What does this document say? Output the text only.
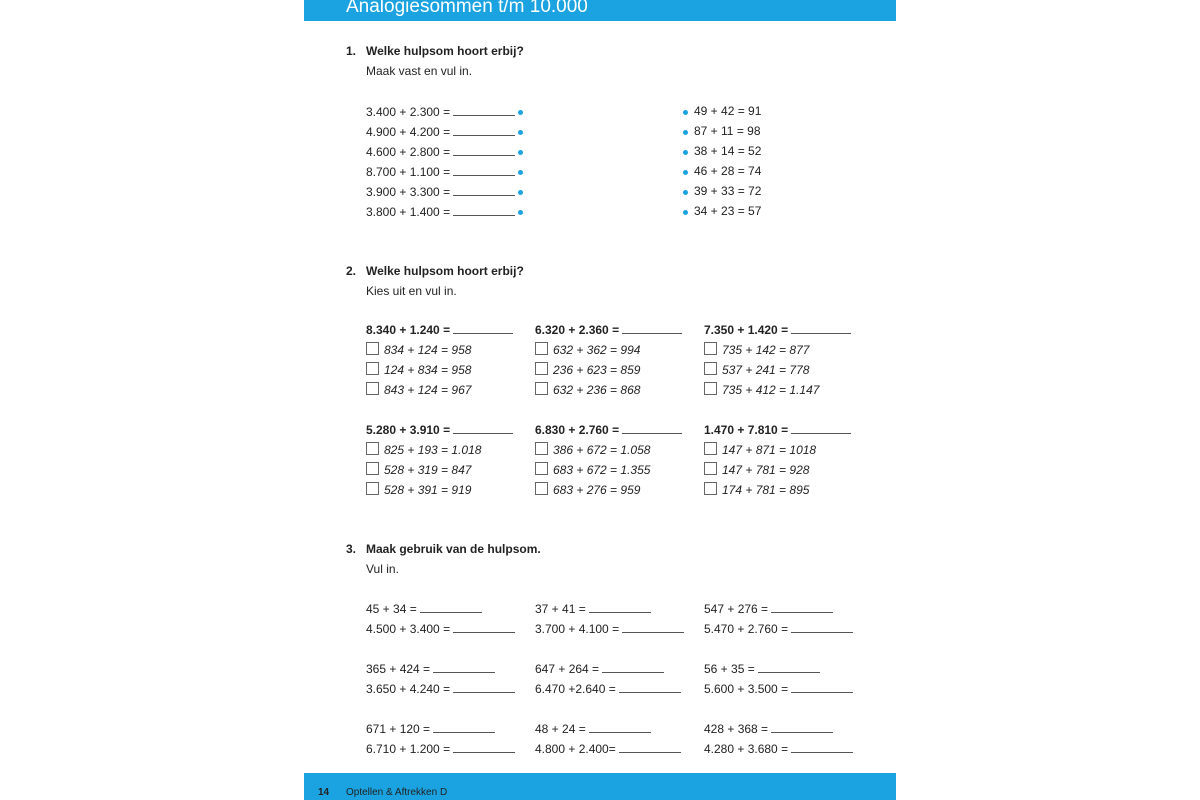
Analogiesommen t/m 10.000
1. Welke hulpsom hoort erbij?
Maak vast en vul in.
3.400 + 2.300 =
4.900 + 4.200 =
4.600 + 2.800 =
8.700 + 1.100 =
3.900 + 3.300 =
3.800 + 1.400 =
49 + 42 = 91
87 + 11 = 98
38 + 14 = 52
46 + 28 = 74
39 + 33 = 72
34 + 23 = 57
2. Welke hulpsom hoort erbij?
Kies uit en vul in.
8.340 + 1.240 =
834 + 124 = 958
124 + 834 = 958
843 + 124 = 967
6.320 + 2.360 =
632 + 362 = 994
236 + 623 = 859
632 + 236 = 868
7.350 + 1.420 =
735 + 142 = 877
537 + 241 = 778
735 + 412 = 1.147
5.280 + 3.910 =
825 + 193 = 1.018
528 + 319 = 847
528 + 391 = 919
6.830 + 2.760 =
386 + 672 = 1.058
683 + 672 = 1.355
683 + 276 = 959
1.470 + 7.810 =
147 + 871 = 1018
147 + 781 = 928
174 + 781 = 895
3. Maak gebruik van de hulpsom.
Vul in.
45 + 34 =
4.500 + 3.400 =
37 + 41 =
3.700 + 4.100 =
547 + 276 =
5.470 + 2.760 =
365 + 424 =
3.650 + 4.240 =
647 + 264 =
6.470 +2.640 =
56 + 35 =
5.600 + 3.500 =
671 + 120 =
6.710 + 1.200 =
48 + 24 =
4.800 + 2.400=
428 + 368 =
4.280 + 3.680 =
14 Optellen & Aftrekken D
